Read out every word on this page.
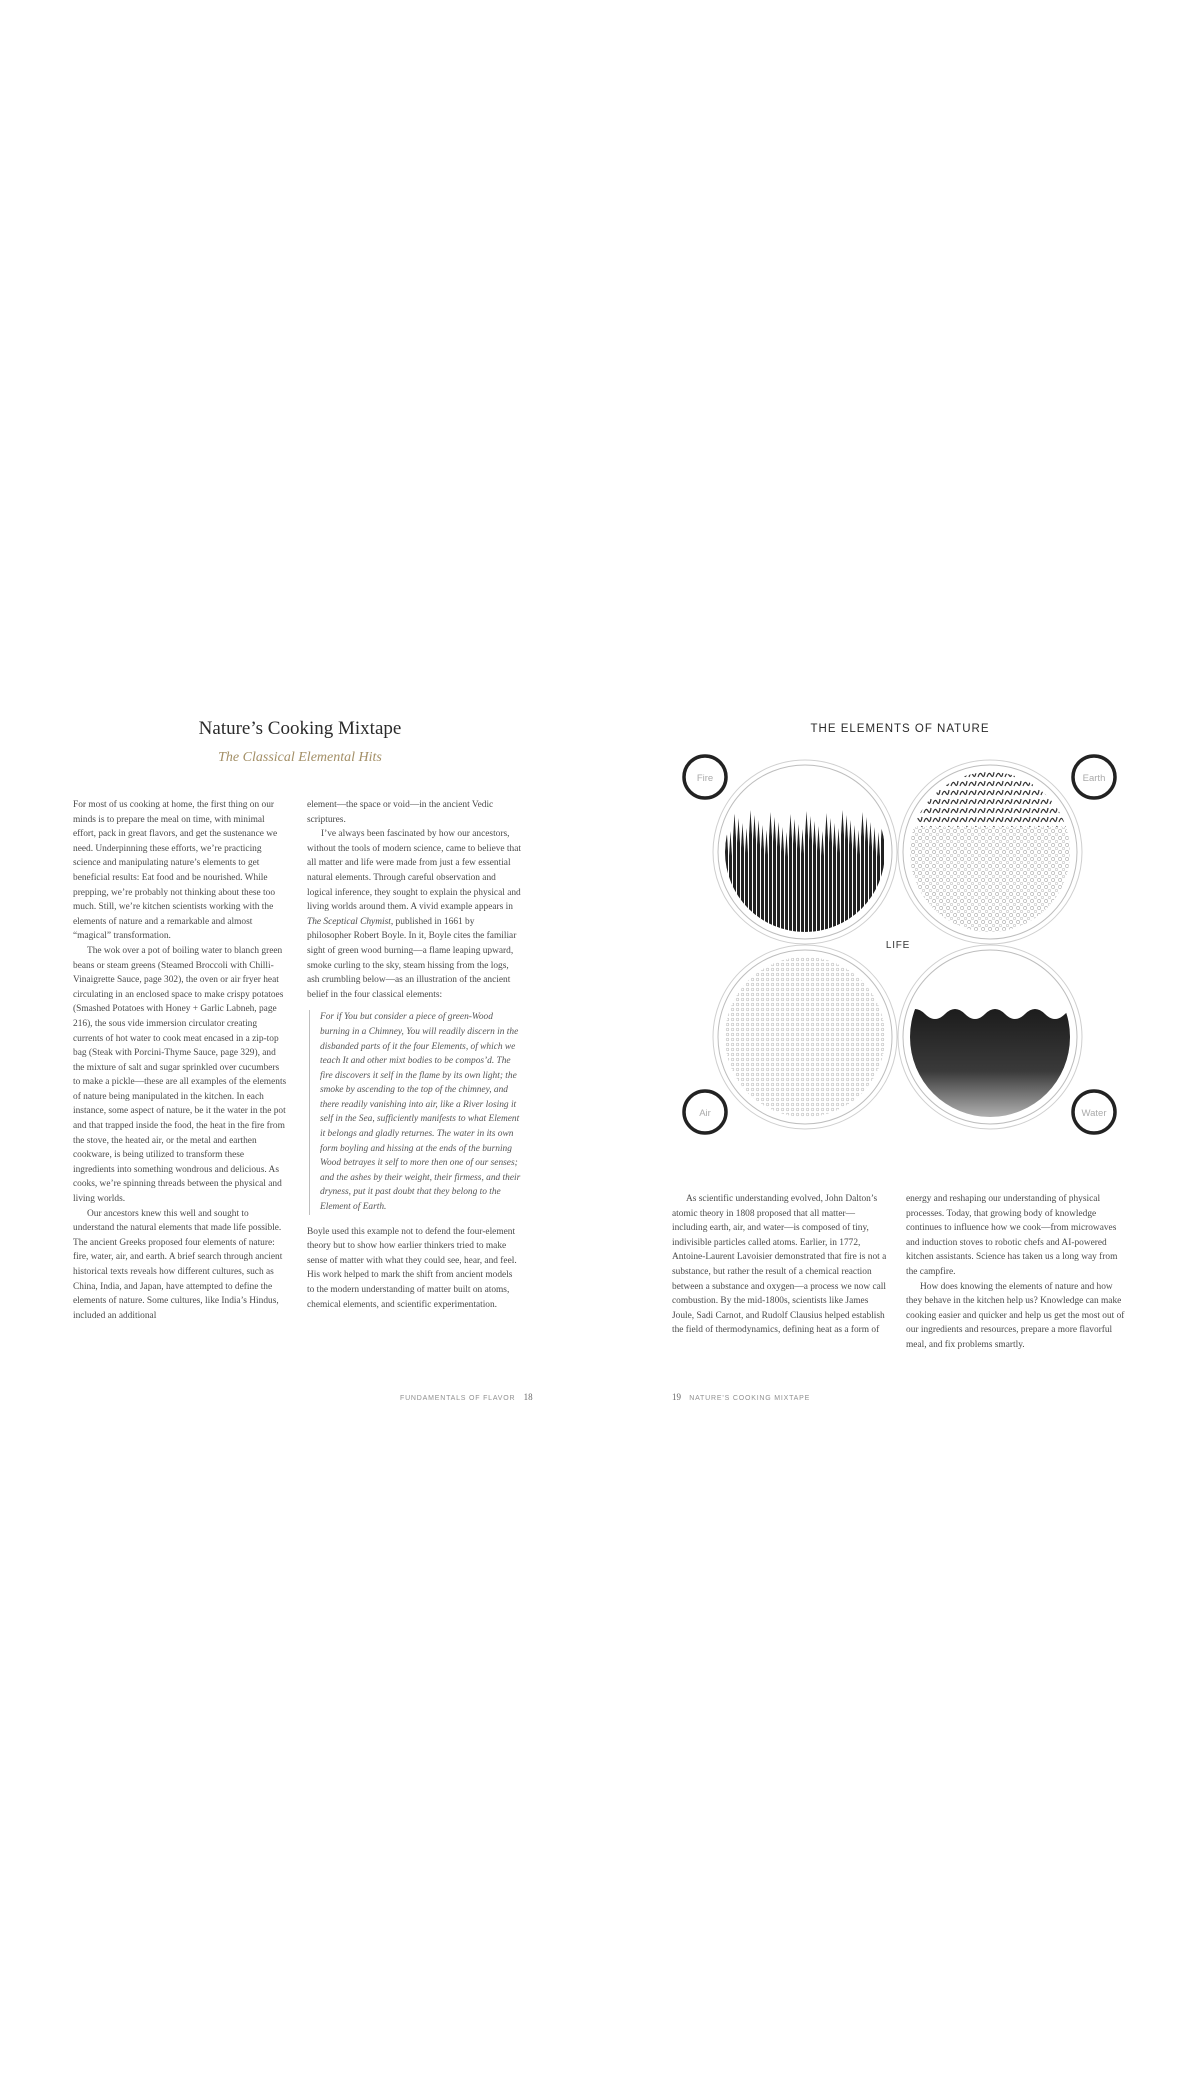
Nature’s Cooking Mixtape
The Classical Elemental Hits

For most of us cooking at home, the first thing on our minds is to prepare the meal on time, with minimal effort, pack in great flavors, and get the sustenance we need. Underpinning these efforts, we’re practicing science and manipulating nature’s elements to get beneficial results: Eat food and be nourished. While prepping, we’re probably not thinking about these too much. Still, we’re kitchen scientists working with the elements of nature and a remarkable and almost “magical” transformation.

The wok over a pot of boiling water to blanch green beans or steam greens (Steamed Broccoli with Chilli-Vinaigrette Sauce, page 302), the oven or air fryer heat circulating in an enclosed space to make crispy potatoes (Smashed Potatoes with Honey + Garlic Labneh, page 216), the sous vide immersion circulator creating currents of hot water to cook meat encased in a zip-top bag (Steak with Porcini-Thyme Sauce, page 329), and the mixture of salt and sugar sprinkled over cucumbers to make a pickle—these are all examples of the elements of nature being manipulated in the kitchen. In each instance, some aspect of nature, be it the water in the pot and that trapped inside the food, the heat in the fire from the stove, the heated air, or the metal and earthen cookware, is being utilized to transform these ingredients into something wondrous and delicious. As cooks, we’re spinning threads between the physical and living worlds.

Our ancestors knew this well and sought to understand the natural elements that made life possible. The ancient Greeks proposed four elements of nature: fire, water, air, and earth. A brief search through ancient historical texts reveals how different cultures, such as China, India, and Japan, have attempted to define the elements of nature. Some cultures, like India’s Hindus, included an additional

element—the space or void—in the ancient Vedic scriptures.

I’ve always been fascinated by how our ancestors, without the tools of modern science, came to believe that all matter and life were made from just a few essential natural elements. Through careful observation and logical inference, they sought to explain the physical and living worlds around them. A vivid example appears in The Sceptical Chymist, published in 1661 by philosopher Robert Boyle. In it, Boyle cites the familiar sight of green wood burning—a flame leaping upward, smoke curling to the sky, steam hissing from the logs, ash crumbling below—as an illustration of the ancient belief in the four classical elements:

For if You but consider a piece of green-Wood burning in a Chimney, You will readily discern in the disbanded parts of it the four Elements, of which we teach It and other mixt bodies to be compos’d. The fire discovers it self in the flame by its own light; the smoke by ascending to the top of the chimney, and there readily vanishing into air, like a River losing it self in the Sea, sufficiently manifests to what Element it belongs and gladly returnes. The water in its own form boyling and hissing at the ends of the burning Wood betrayes it self to more then one of our senses; and the ashes by their weight, their firmess, and their dryness, put it past doubt that they belong to the Element of Earth.

Boyle used this example not to defend the four-element theory but to show how earlier thinkers tried to make sense of matter with what they could see, hear, and feel. His work helped to mark the shift from ancient models to the modern understanding of matter built on atoms, chemical elements, and scientific experimentation.

FUNDAMENTALS OF FLAVOR 18
THE ELEMENTS OF NATURE
Fire	Earth
Air	Water
LIFE

As scientific understanding evolved, John Dalton’s atomic theory in 1808 proposed that all matter—including earth, air, and water—is composed of tiny, indivisible particles called atoms. Earlier, in 1772, Antoine-Laurent Lavoisier demonstrated that fire is not a substance, but rather the result of a chemical reaction between a substance and oxygen—a process we now call combustion. By the mid-1800s, scientists like James Joule, Sadi Carnot, and Rudolf Clausius helped establish the field of thermodynamics, defining heat as a form of

energy and reshaping our understanding of physical processes. Today, that growing body of knowledge continues to influence how we cook—from microwaves and induction stoves to robotic chefs and AI-powered kitchen assistants. Science has taken us a long way from the campfire.

How does knowing the elements of nature and how they behave in the kitchen help us? Knowledge can make cooking easier and quicker and help us get the most out of our ingredients and resources, prepare a more flavorful meal, and fix problems smartly.

19 NATURE’S COOKING MIXTAPE
